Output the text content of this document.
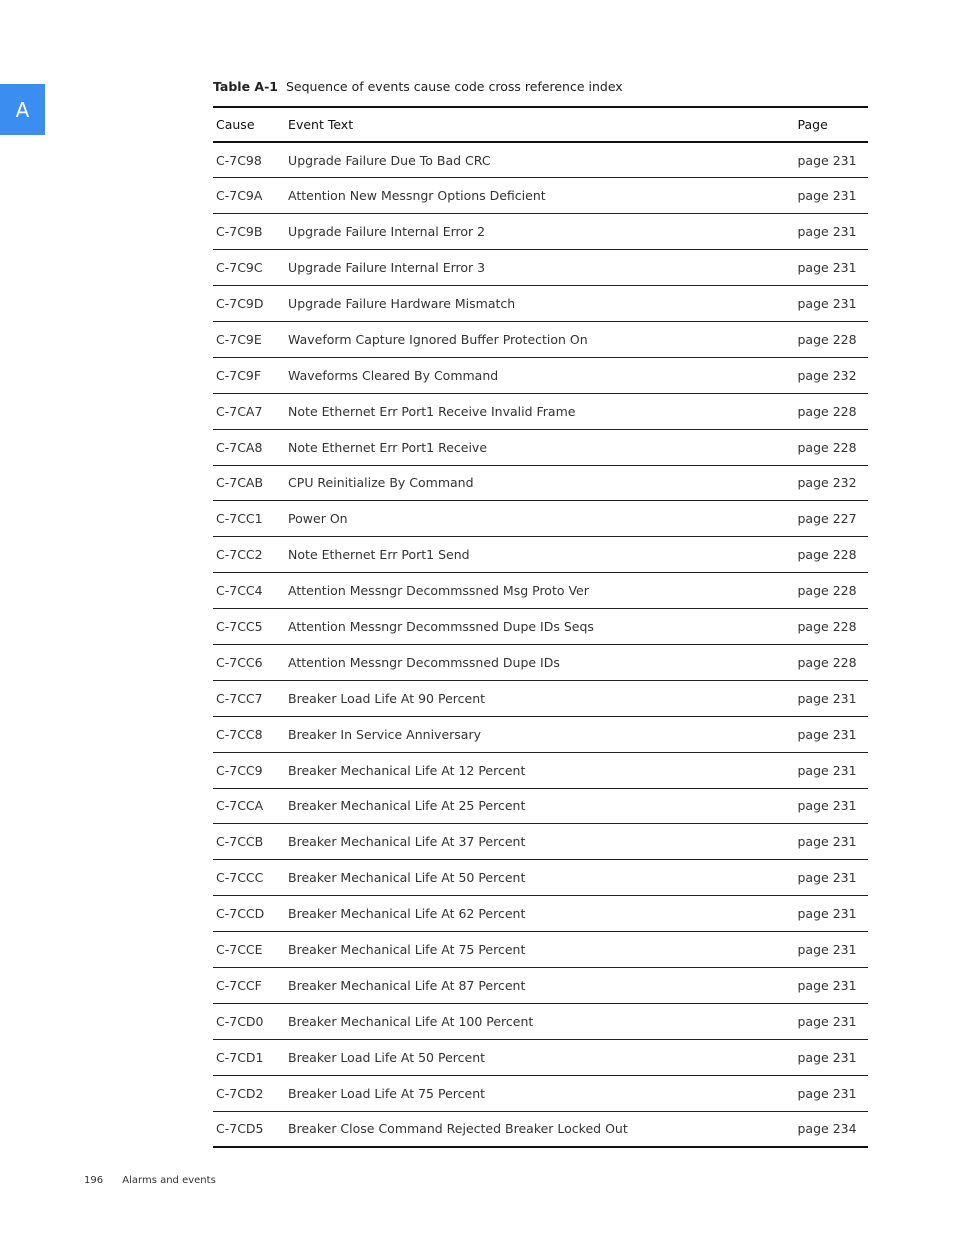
A
Table A-1 Sequence of events cause code cross reference index
Cause	Event Text	Page
C-7C98	Upgrade Failure Due To Bad CRC	page 231
C-7C9A	Attention New Messngr Options Deficient	page 231
C-7C9B	Upgrade Failure Internal Error 2	page 231
C-7C9C	Upgrade Failure Internal Error 3	page 231
C-7C9D	Upgrade Failure Hardware Mismatch	page 231
C-7C9E	Waveform Capture Ignored Buffer Protection On	page 228
C-7C9F	Waveforms Cleared By Command	page 232
C-7CA7	Note Ethernet Err Port1 Receive Invalid Frame	page 228
C-7CA8	Note Ethernet Err Port1 Receive	page 228
C-7CAB	CPU Reinitialize By Command	page 232
C-7CC1	Power On	page 227
C-7CC2	Note Ethernet Err Port1 Send	page 228
C-7CC4	Attention Messngr Decommssned Msg Proto Ver	page 228
C-7CC5	Attention Messngr Decommssned Dupe IDs Seqs	page 228
C-7CC6	Attention Messngr Decommssned Dupe IDs	page 228
C-7CC7	Breaker Load Life At 90 Percent	page 231
C-7CC8	Breaker In Service Anniversary	page 231
C-7CC9	Breaker Mechanical Life At 12 Percent	page 231
C-7CCA	Breaker Mechanical Life At 25 Percent	page 231
C-7CCB	Breaker Mechanical Life At 37 Percent	page 231
C-7CCC	Breaker Mechanical Life At 50 Percent	page 231
C-7CCD	Breaker Mechanical Life At 62 Percent	page 231
C-7CCE	Breaker Mechanical Life At 75 Percent	page 231
C-7CCF	Breaker Mechanical Life At 87 Percent	page 231
C-7CD0	Breaker Mechanical Life At 100 Percent	page 231
C-7CD1	Breaker Load Life At 50 Percent	page 231
C-7CD2	Breaker Load Life At 75 Percent	page 231
C-7CD5	Breaker Close Command Rejected Breaker Locked Out	page 234
196 Alarms and events
